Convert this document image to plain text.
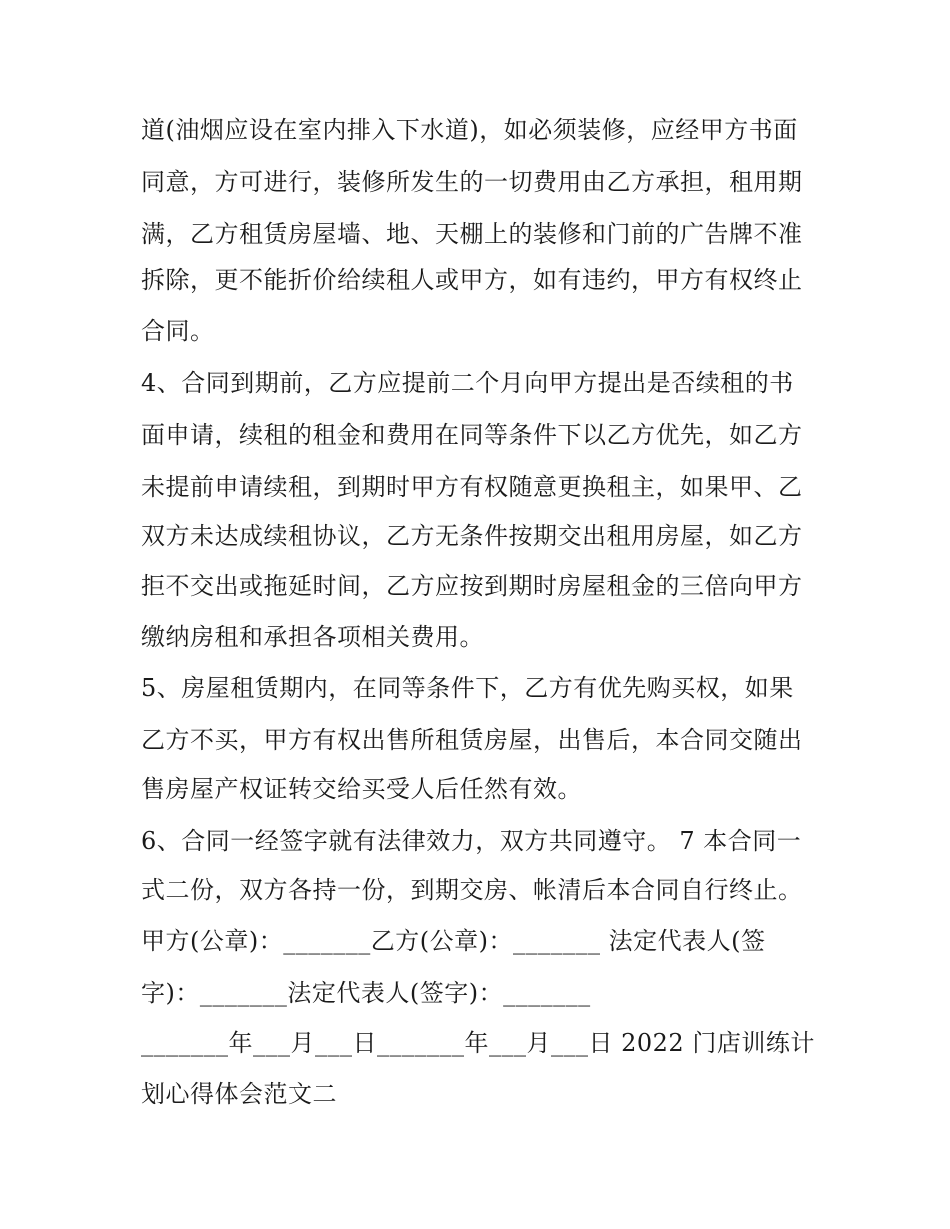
道(油烟应设在室内排入下水道)，如必须装修，应经甲方书面
同意，方可进行，装修所发生的一切费用由乙方承担，租用期
满，乙方租赁房屋墙、地、天棚上的装修和门前的广告牌不准
拆除，更不能折价给续租人或甲方，如有违约，甲方有权终止
合同。
4、合同到期前，乙方应提前二个月向甲方提出是否续租的书
面申请，续租的租金和费用在同等条件下以乙方优先，如乙方
未提前申请续租，到期时甲方有权随意更换租主，如果甲、乙
双方未达成续租协议，乙方无条件按期交出租用房屋，如乙方
拒不交出或拖延时间，乙方应按到期时房屋租金的三倍向甲方
缴纳房租和承担各项相关费用。
5、房屋租赁期内，在同等条件下，乙方有优先购买权，如果
乙方不买，甲方有权出售所租赁房屋，出售后，本合同交随出
售房屋产权证转交给买受人后任然有效。
6、合同一经签字就有法律效力，双方共同遵守。 7 本合同一
式二份，双方各持一份，到期交房、帐清后本合同自行终止。
甲方(公章)：_______乙方(公章)：_______ 法定代表人(签
字)：_______法定代表人(签字)：_______
_______年___月___日_______年___月___日 2022 门店训练计
划心得体会范文二
